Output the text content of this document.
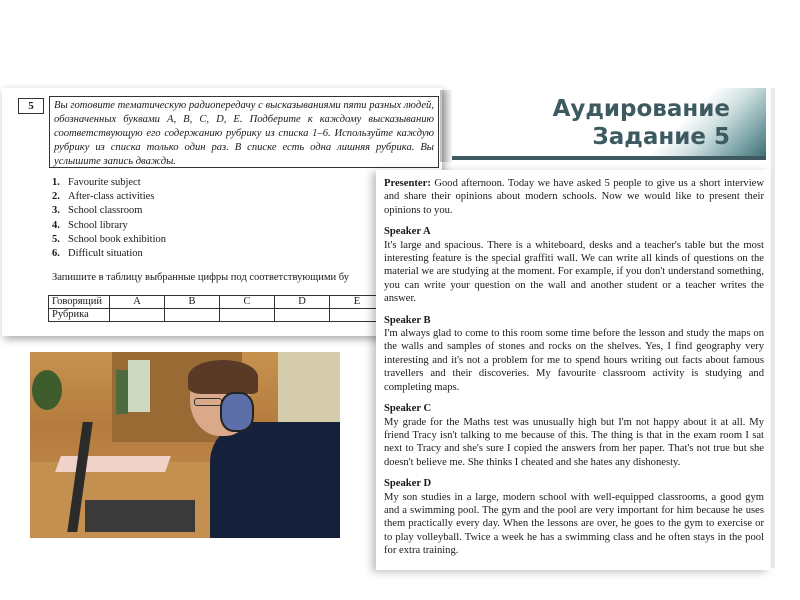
5	Вы готовите тематическую радиопередачу с высказываниями пяти разных людей, обозначенных буквами A, B, C, D, E. Подберите к каждому высказыванию соответствующую его содержанию рубрику из списка 1–6. Используйте каждую рубрику из списка только один раз. В списке есть одна лишняя рубрика. Вы услышите запись дважды.
1. Favourite subject
2. After-class activities
3. School classroom
4. School library
5. School book exhibition
6. Difficult situation
Запишите в таблицу выбранные цифры под соответствующими бу
Говорящий	A	B	C	D	E
Рубрика					
Аудирование
Задание 5

Presenter: Good afternoon. Today we have asked 5 people to give us a short interview and share their opinions about modern schools. Now we would like to present their opinions to you.

Speaker A
It's large and spacious. There is a whiteboard, desks and a teacher's table but the most interesting feature is the special graffiti wall. We can write all kinds of questions on the material we are studying at the moment. For example, if you don't understand something, you can write your question on the wall and another student or a teacher writes the answer.

Speaker B
I'm always glad to come to this room some time before the lesson and study the maps on the walls and samples of stones and rocks on the shelves. Yes, I find geography very interesting and it's not a problem for me to spend hours writing out facts about famous travellers and their discoveries. My favourite classroom activity is studying and completing maps.

Speaker C
My grade for the Maths test was unusually high but I'm not happy about it at all. My friend Tracy isn't talking to me because of this. The thing is that in the exam room I sat next to Tracy and she's sure I copied the answers from her paper. That's not true but she doesn't believe me. She thinks I cheated and she hates any dishonesty.

Speaker D
My son studies in a large, modern school with well-equipped classrooms, a good gym and a swimming pool. The gym and the pool are very important for him because he uses them practically every day. When the lessons are over, he goes to the gym to exercise or to play volleyball. Twice a week he has a swimming class and he often stays in the pool for extra training.
